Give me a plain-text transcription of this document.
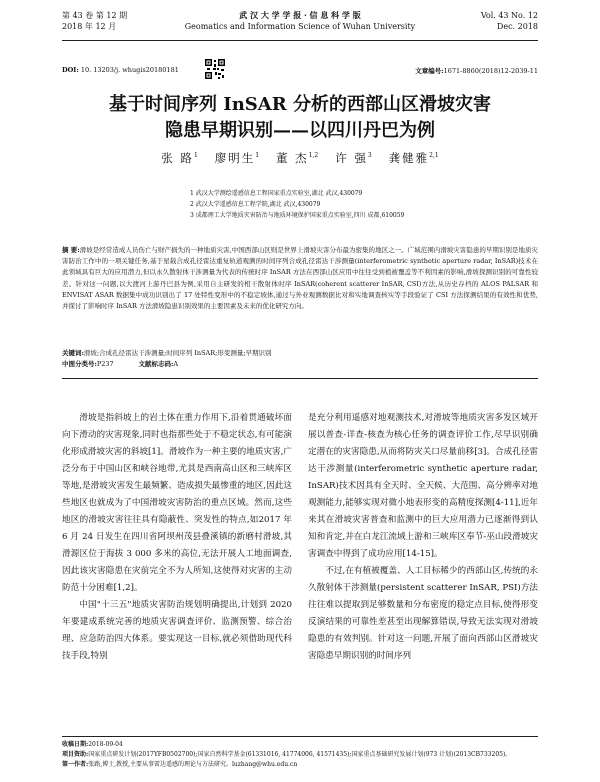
第 43 卷 第 12 期
2018 年 12 月
武 汉 大 学 学 报 · 信 息 科 学 版
Geomatics and Information Science of Wuhan University
Vol. 43 No. 12
Dec. 2018
DOI: 10. 13203/j. whugis20180181	文章编号:1671-8860(2018)12-2039-11
基于时间序列 InSAR 分析的西部山区滑坡灾害
隐患早期识别——以四川丹巴为例
张 路$^1$ 廖明生$^1$ 董 杰$^{1,2}$ 许 强$^3$ 龚健雅$^{2,1}$
1 武汉大学测绘遥感信息工程国家重点实验室,湖北 武汉,430079
2 武汉大学遥感信息工程学院,湖北 武汉,430079
3 成都理工大学地质灾害防治与地质环境保护国家重点实验室,四川 成都,610059
摘 要:滑坡是经常造成人员伤亡与财产损失的一种地质灾害,中国西部山区则是世界上滑坡灾害分布最为密集的地区之一。广域范围内滑坡灾害隐患的早期识别是地质灾害防治工作中的一项关键任务,基于星载合成孔径雷达重复轨道观测的时间序列合成孔径雷达干涉测量(interferometric synthetic aperture radar, InSAR)技术在此领域具有巨大的应用潜力,但以永久散射体干涉测量为代表的传统时序 InSAR 方法在西部山区应用中往往受到植被覆盖等不利因素的影响,滑坡探测识别的可靠性较差。针对这一问题,以大渡河上游丹巴县为例,采用自主研发的相干散射体时序 InSAR(coherent scatterer InSAR, CSI)方法,从历史存档的 ALOS PALSAR 和 ENVISAT ASAR 数据集中成功识别出了 17 处特性变形中的不稳定坡体,通过与外业观测数据比对和实地调查核实等手段验证了 CSI 方法探测结果的有效性和优势,并探讨了影响时序 InSAR 方法滑坡隐患识别效果的主要因素及未来的优化研究方向。
关键词:滑坡;合成孔径雷达干涉测量;时间序列 InSAR;形变测量;早期识别
中图分类号:P237	文献标志码:A

滑坡是指斜坡上的岩土体在重力作用下,沿着贯通破坏面向下滑动的灾害现象,同时也指那些处于不稳定状态,有可能演化形成滑坡灾害的斜坡[1]。滑坡作为一种主要的地质灾害,广泛分布于中国山区和峡谷地带,尤其是西南高山区和三峡库区等地,是滑坡灾害发生最频繁、造成损失最惨重的地区,因此这些地区也就成为了中国滑坡灾害防治的重点区域。然而,这些地区的滑坡灾害往往具有隐蔽性、突发性的特点,如2017 年 6 月 24 日发生在四川省阿坝州茂县叠溪镇的新磨村滑坡,其滑源区位于海拔 3 000 多米的高位,无法开展人工地面调查,因此该灾害隐患在灾前完全不为人所知,这使得对灾害的主动防范十分困难[1,2]。

中国"十三五"地质灾害防治规划明确提出,计划到 2020 年要建成系统完善的地质灾害调查评价、监测预警、综合治理、应急防治四大体系。要实现这一目标,就必须借助现代科技手段,特别

是充分利用遥感对地观测技术,对滑坡等地质灾害多发区域开展以普查-详查-核查为核心任务的调查评价工作,尽早识别确定潜在的灾害隐患,从而将防灾关口尽量前移[3]。合成孔径雷达干涉测量(interferometric synthetic aperture radar, InSAR)技术因具有全天时、全天候、大范围、高分辨率对地观测能力,能够实现对微小地表形变的高精度探测[4-11],近年来其在滑坡灾害普查和监测中的巨大应用潜力已逐渐得到认知和肯定,并在白龙江流域上游和三峡库区奉节-巫山段滑坡灾害调查中得到了成功应用[14-15]。

不过,在有植被覆盖、人工目标稀少的西部山区,传统的永久散射体干涉测量(persistent scatterer InSAR, PSI)方法往往难以提取到足够数量和分布密度的稳定点目标,使得形变反演结果的可靠性差甚至出现解算错误,导致无法实现对滑坡隐患的有效判别。针对这一问题,开展了面向西部山区滑坡灾害隐患早期识别的时间序列

收稿日期:2018-09-04
项目资助:国家重点研发计划(2017YFB0502700);国家自然科学基金(61331016, 41774006, 41571435);国家重点基础研究发展计划(973 计划)(2013CB733205)。
第一作者:张路,博士,教授,主要从事雷达遥感的理论与方法研究。luzhang@whu.edu.cn
